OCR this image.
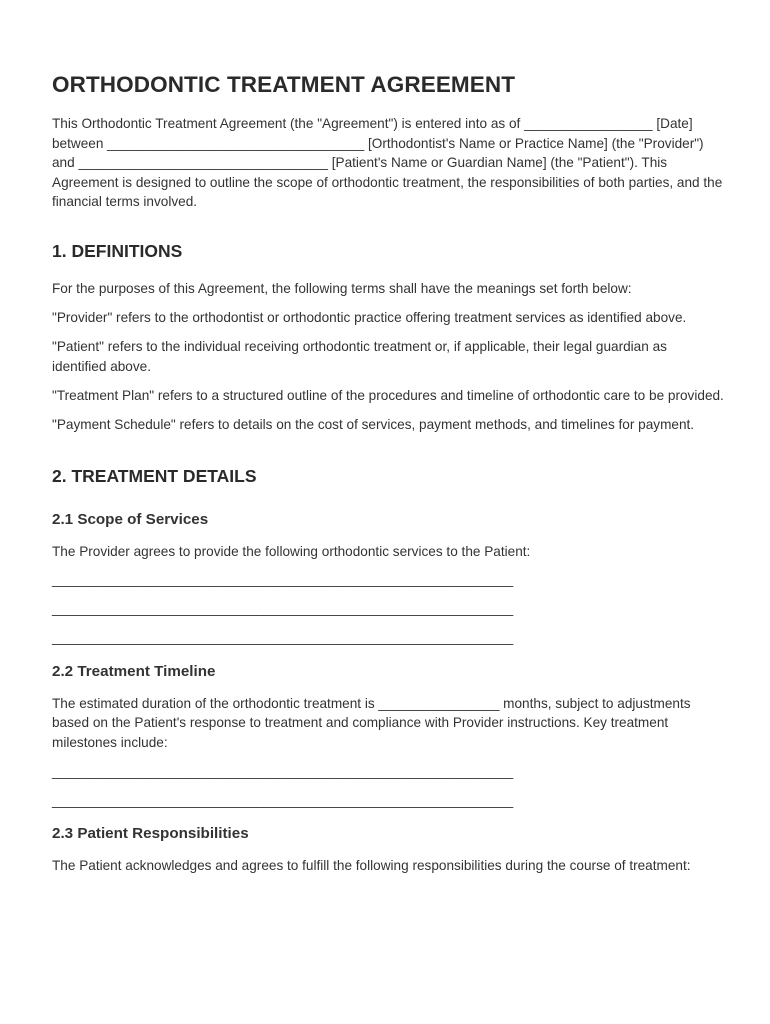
ORTHODONTIC TREATMENT AGREEMENT

This Orthodontic Treatment Agreement (the "Agreement") is entered into as of _________________ [Date] between __________________________________ [Orthodontist's Name or Practice Name] (the "Provider") and _________________________________ [Patient's Name or Guardian Name] (the "Patient"). This Agreement is designed to outline the scope of orthodontic treatment, the responsibilities of both parties, and the financial terms involved.

1. DEFINITIONS

For the purposes of this Agreement, the following terms shall have the meanings set forth below:

"Provider" refers to the orthodontist or orthodontic practice offering treatment services as identified above.

"Patient" refers to the individual receiving orthodontic treatment or, if applicable, their legal guardian as identified above.

"Treatment Plan" refers to a structured outline of the procedures and timeline of orthodontic care to be provided.

"Payment Schedule" refers to details on the cost of services, payment methods, and timelines for payment.

2. TREATMENT DETAILS
2.1 Scope of Services

The Provider agrees to provide the following orthodontic services to the Patient:

_____________________________________________________________
_____________________________________________________________
_____________________________________________________________
2.2 Treatment Timeline

The estimated duration of the orthodontic treatment is ________________ months, subject to adjustments based on the Patient's response to treatment and compliance with Provider instructions. Key treatment milestones include:

_____________________________________________________________
_____________________________________________________________
2.3 Patient Responsibilities

The Patient acknowledges and agrees to fulfill the following responsibilities during the course of treatment:
